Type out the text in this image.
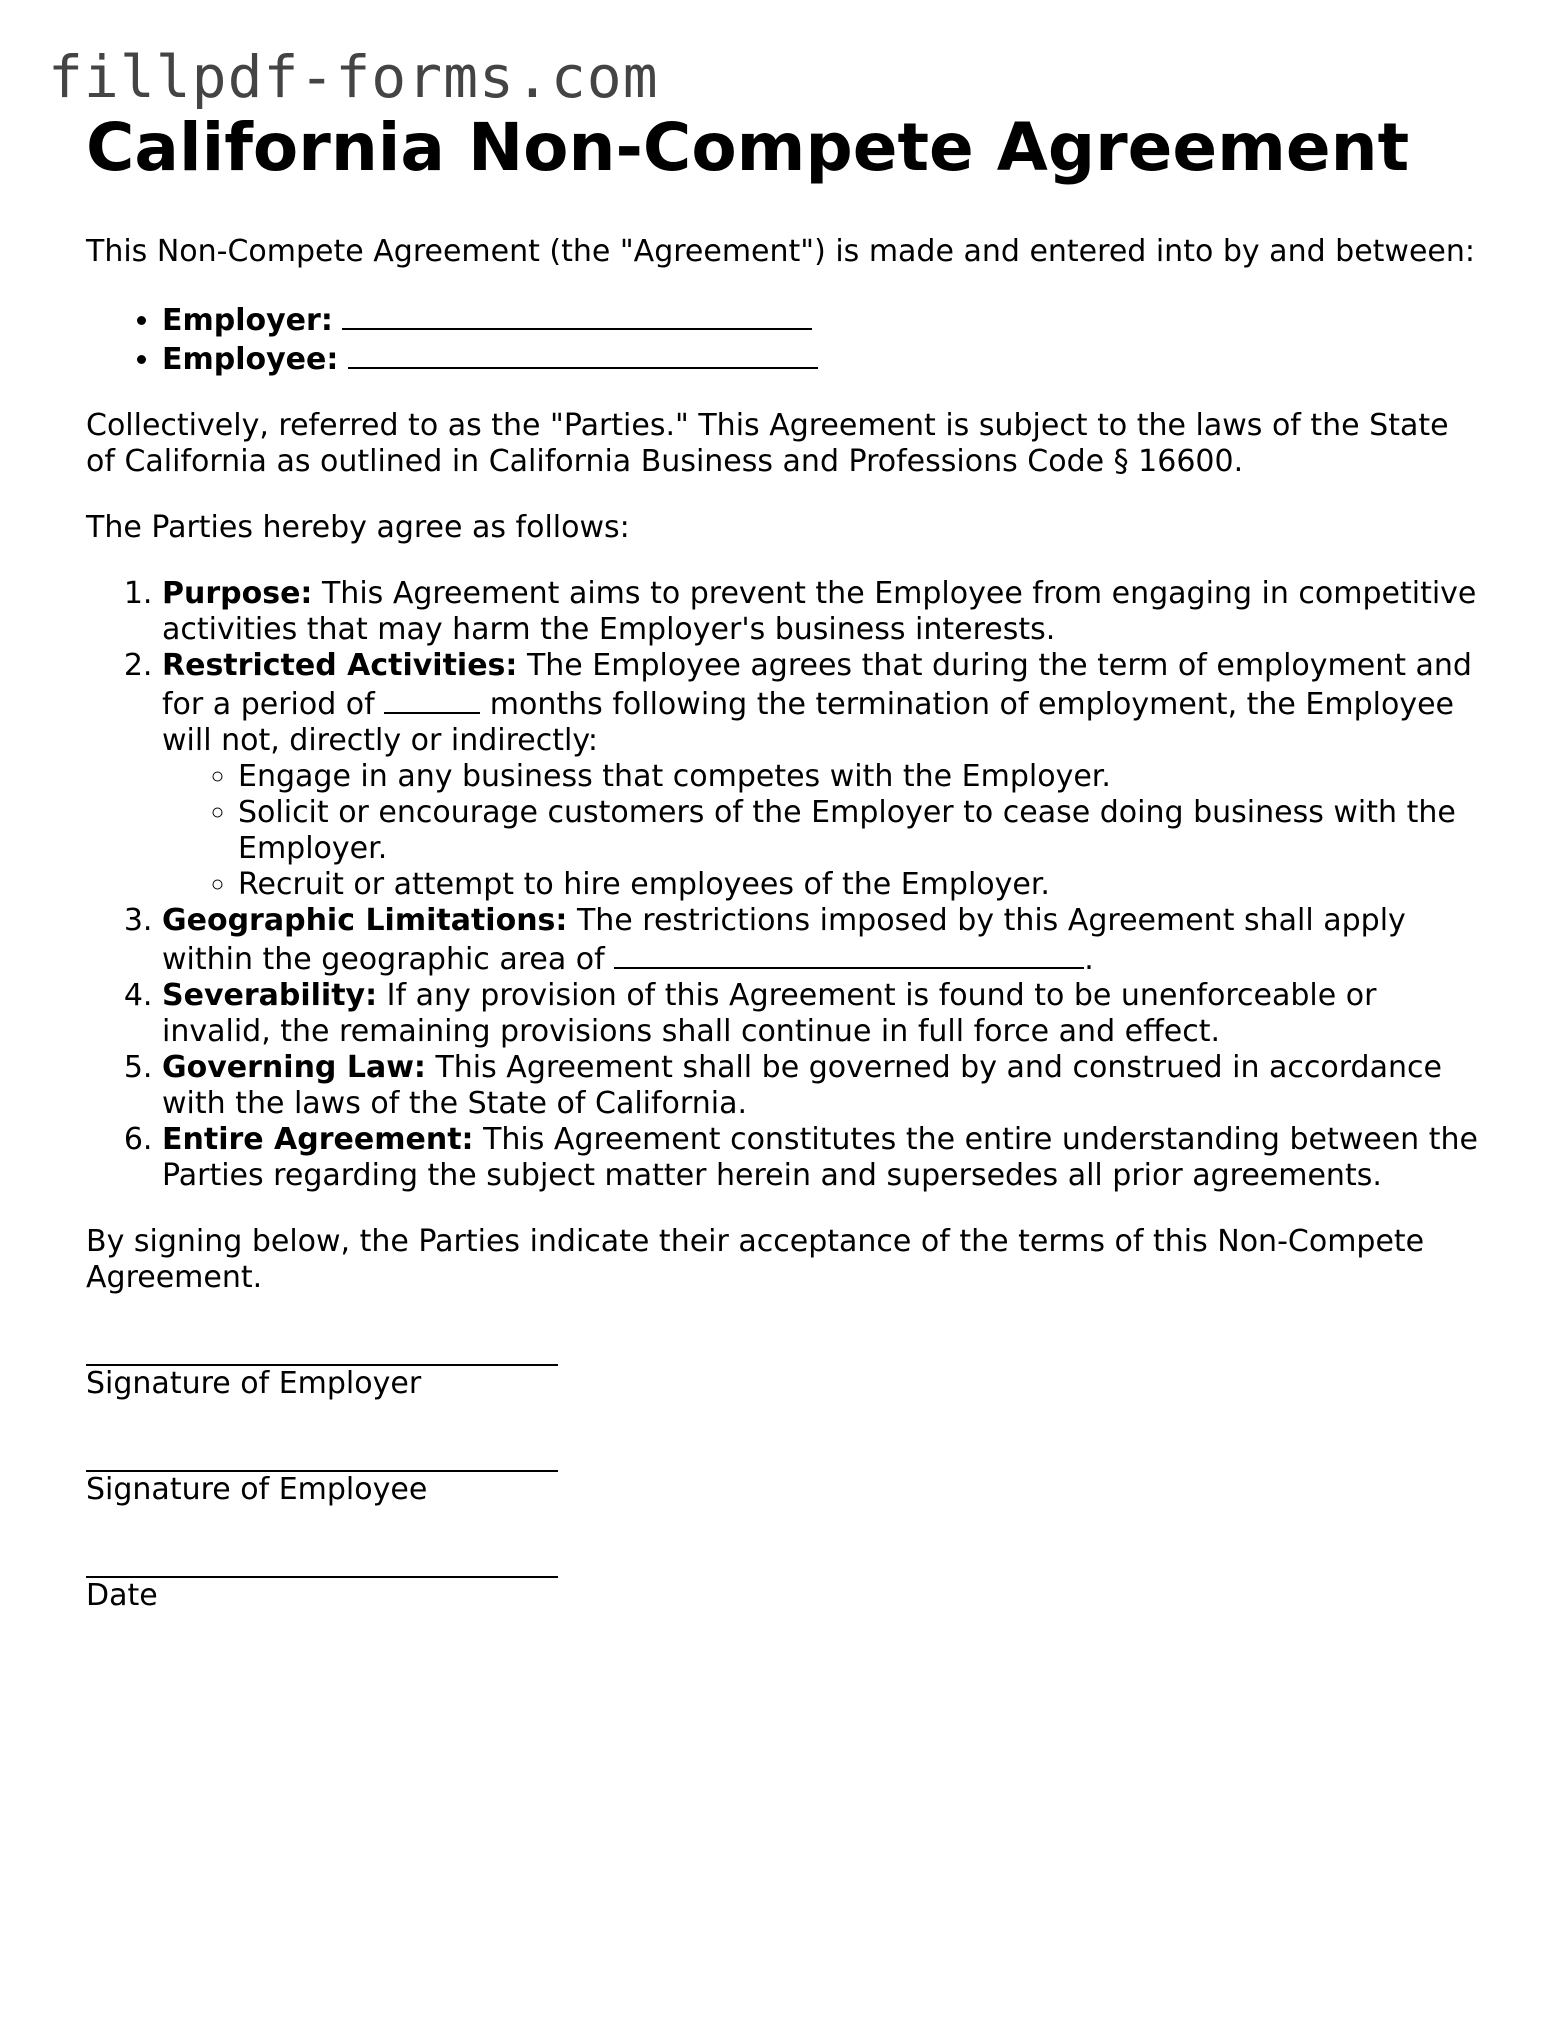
fillpdf-forms.com
California Non-Compete Agreement

This Non-Compete Agreement (the "Agreement") is made and entered into by and between:

• Employer:
• Employee:

Collectively, referred to as the "Parties." This Agreement is subject to the laws of the State of California as outlined in California Business and Professions Code § 16600.

The Parties hereby agree as follows:

1. Purpose: This Agreement aims to prevent the Employee from engaging in competitive activities that may harm the Employer's business interests.
2. Restricted Activities: The Employee agrees that during the term of employment and for a period of	months following the termination of employment, the Employee will not, directly or indirectly:
◦ Engage in any business that competes with the Employer.
◦ Solicit or encourage customers of the Employer to cease doing business with the Employer.
◦ Recruit or attempt to hire employees of the Employer.
3. Geographic Limitations: The restrictions imposed by this Agreement shall apply within the geographic area of	.
4. Severability: If any provision of this Agreement is found to be unenforceable or invalid, the remaining provisions shall continue in full force and effect.
5. Governing Law: This Agreement shall be governed by and construed in accordance with the laws of the State of California.
6. Entire Agreement: This Agreement constitutes the entire understanding between the Parties regarding the subject matter herein and supersedes all prior agreements.

By signing below, the Parties indicate their acceptance of the terms of this Non-Compete Agreement.

Signature of Employer
Signature of Employee
Date
